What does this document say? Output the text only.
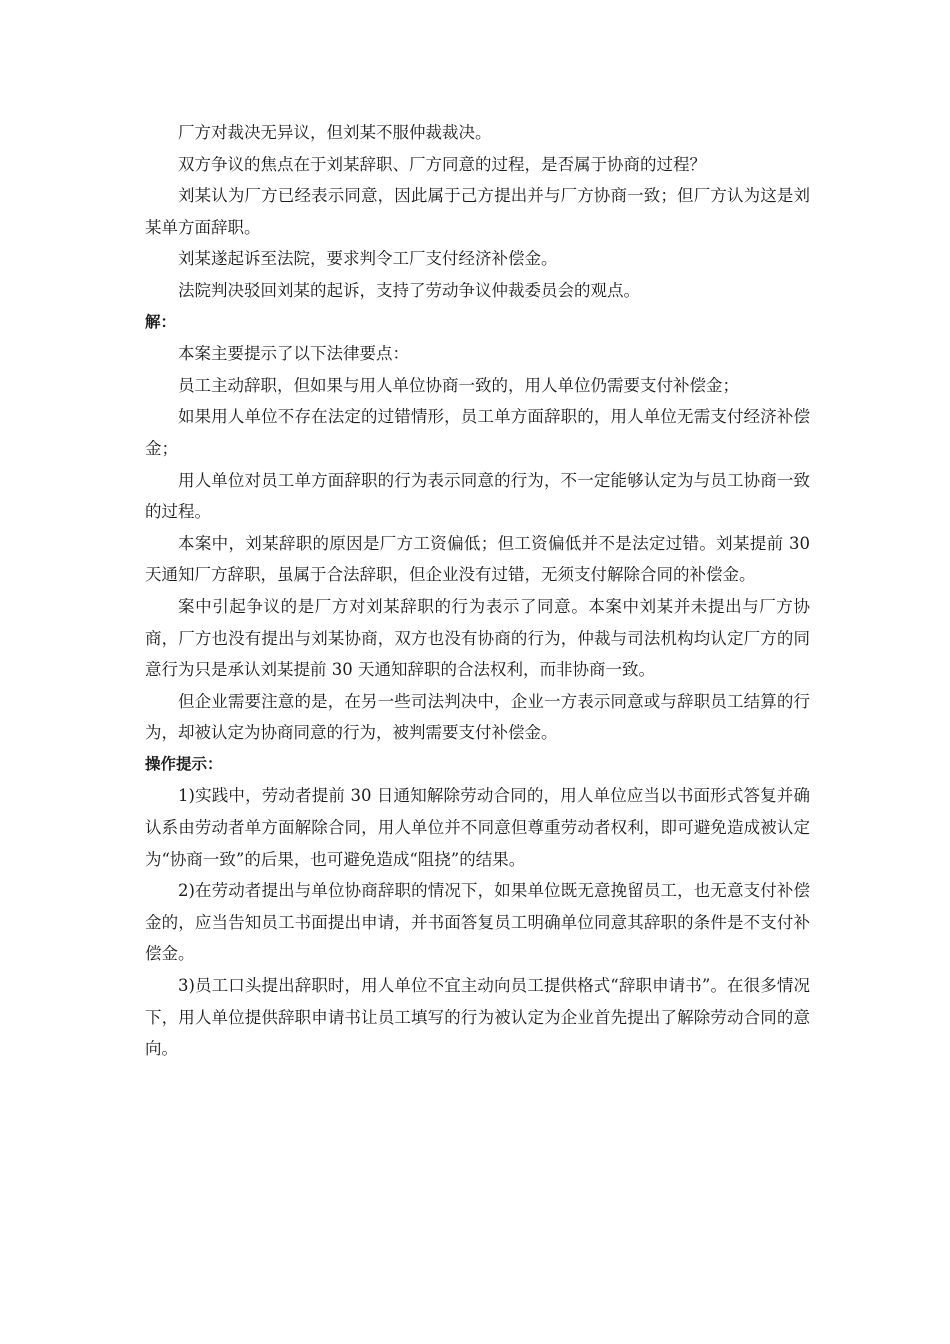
厂方对裁决无异议，但刘某不服仲裁裁决。

双方争议的焦点在于刘某辞职、厂方同意的过程，是否属于协商的过程？

刘某认为厂方已经表示同意，因此属于己方提出并与厂方协商一致；但厂方认为这是刘某单方面辞职。

刘某遂起诉至法院，要求判令工厂支付经济补偿金。

法院判决驳回刘某的起诉，支持了劳动争议仲裁委员会的观点。

解：

本案主要提示了以下法律要点：

员工主动辞职，但如果与用人单位协商一致的，用人单位仍需要支付补偿金；

如果用人单位不存在法定的过错情形，员工单方面辞职的，用人单位无需支付经济补偿金；

用人单位对员工单方面辞职的行为表示同意的行为，不一定能够认定为与员工协商一致的过程。

本案中，刘某辞职的原因是厂方工资偏低；但工资偏低并不是法定过错。刘某提前 30 天通知厂方辞职，虽属于合法辞职，但企业没有过错，无须支付解除合同的补偿金。

案中引起争议的是厂方对刘某辞职的行为表示了同意。本案中刘某并未提出与厂方协商，厂方也没有提出与刘某协商，双方也没有协商的行为，仲裁与司法机构均认定厂方的同意行为只是承认刘某提前 30 天通知辞职的合法权利，而非协商一致。

但企业需要注意的是，在另一些司法判决中，企业一方表示同意或与辞职员工结算的行为，却被认定为协商同意的行为，被判需要支付补偿金。

操作提示：

1)实践中，劳动者提前 30 日通知解除劳动合同的，用人单位应当以书面形式答复并确认系由劳动者单方面解除合同，用人单位并不同意但尊重劳动者权利，即可避免造成被认定为“协商一致”的后果，也可避免造成“阻挠”的结果。

2)在劳动者提出与单位协商辞职的情况下，如果单位既无意挽留员工，也无意支付补偿金的，应当告知员工书面提出申请，并书面答复员工明确单位同意其辞职的条件是不支付补偿金。

3)员工口头提出辞职时，用人单位不宜主动向员工提供格式“辞职申请书”。在很多情况下，用人单位提供辞职申请书让员工填写的行为被认定为企业首先提出了解除劳动合同的意向。
